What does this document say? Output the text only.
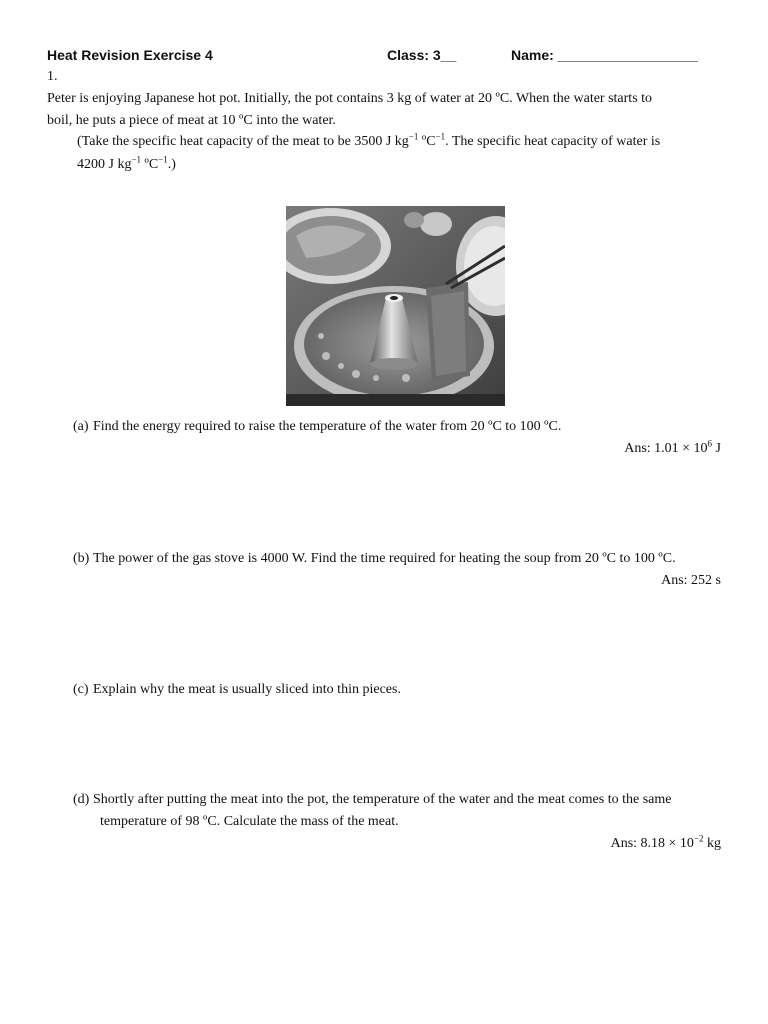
Heat Revision Exercise 4	Class: 3__	Name: __________________
1.
Peter is enjoying Japanese hot pot. Initially, the pot contains 3 kg of water at 20 ºC. When the water starts to
boil, he puts a piece of meat at 10 ºC into the water.
(Take the specific heat capacity of the meat to be 3500 J $kg^{-1}$ ºC$^{-1}$. The specific heat capacity of water is
4200 J $kg^{-1}$ ºC$^{-1}$.)
(a) Find the energy required to raise the temperature of the water from 20 ºC to 100 ºC.
Ans: $1.01 \times 10^6$ J
(b) The power of the gas stove is 4000 W. Find the time required for heating the soup from 20 ºC to 100 ºC.
Ans: 252 s
(c) Explain why the meat is usually sliced into thin pieces.
(d) Shortly after putting the meat into the pot, the temperature of the water and the meat comes to the same
temperature of 98 ºC. Calculate the mass of the meat.
Ans: $8.18 \times 10^{-2}$ kg
